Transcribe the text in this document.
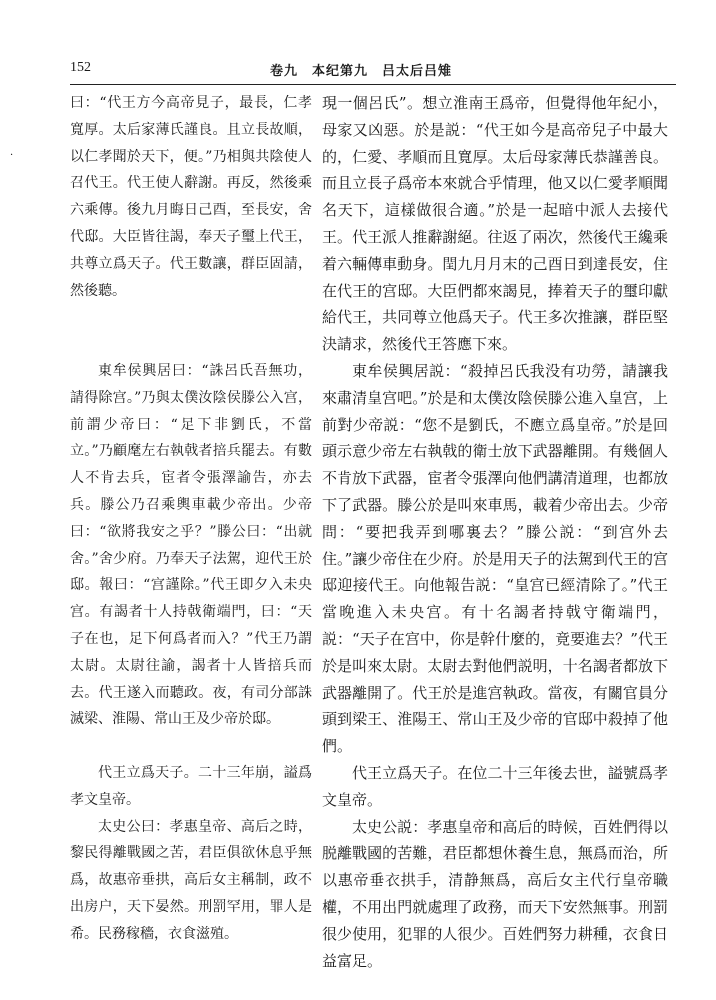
152	卷九　本纪第九　吕太后吕雉
·

曰：“代王方今高帝見子，最長，仁孝寬厚。太后家薄氏謹良。且立長故順，以仁孝聞於天下，便。”乃相與共陰使人召代王。代王使人辭謝。再反，然後乘六乘傳。後九月晦日己酉，至長安，舍代邸。大臣皆往謁，奉天子璽上代王，共尊立爲天子。代王數讓，群臣固請，然後聽。

東牟侯興居曰：“誅呂氏吾無功，請得除宫。”乃與太僕汝陰侯滕公入宫，前謂少帝曰：“足下非劉氏，不當立。”乃顧麾左右執戟者掊兵罷去。有數人不肯去兵，宦者令張澤諭告，亦去兵。滕公乃召乘輿車載少帝出。少帝曰：“欲將我安之乎？”滕公曰：“出就舍。”舍少府。乃奉天子法駕，迎代王於邸。報曰：“宫謹除。”代王即夕入未央宫。有謁者十人持戟衛端門，曰：“天子在也，足下何爲者而入？”代王乃謂太尉。太尉往諭，謁者十人皆掊兵而去。代王遂入而聽政。夜，有司分部誅滅梁、淮陽、常山王及少帝於邸。

代王立爲天子。二十三年崩，謚爲孝文皇帝。

太史公曰：孝惠皇帝、高后之時，黎民得離戰國之苦，君臣俱欲休息乎無爲，故惠帝垂拱，高后女主稱制，政不出房户，天下晏然。刑罰罕用，罪人是希。民務稼穡，衣食滋殖。

現一個呂氏”。想立淮南王爲帝，但覺得他年紀小，母家又凶惡。於是説：“代王如今是高帝兒子中最大的，仁愛、孝順而且寬厚。太后母家薄氏恭謹善良。而且立長子爲帝本來就合乎情理，他又以仁愛孝順聞名天下，這樣做很合適。”於是一起暗中派人去接代王。代王派人推辭謝絕。往返了兩次，然後代王纔乘着六輛傳車動身。閏九月月末的己酉日到達長安，住在代王的宫邸。大臣們都來謁見，捧着天子的璽印獻給代王，共同尊立他爲天子。代王多次推讓，群臣堅決請求，然後代王答應下來。

東牟侯興居説：“殺掉呂氏我没有功勞，請讓我來肅清皇宫吧。”於是和太僕汝陰侯滕公進入皇宫，上前對少帝説：“您不是劉氏，不應立爲皇帝。”於是回頭示意少帝左右執戟的衛士放下武器離開。有幾個人不肯放下武器，宦者令張澤向他們講清道理，也都放下了武器。滕公於是叫來車馬，載着少帝出去。少帝問：“要把我弄到哪裏去？”滕公説：“到宫外去住。”讓少帝住在少府。於是用天子的法駕到代王的宫邸迎接代王。向他報告説：“皇宫已經清除了。”代王當晚進入未央宫。有十名謁者持戟守衛端門，説：“天子在宫中，你是幹什麼的，竟要進去？”代王於是叫來太尉。太尉去對他們説明，十名謁者都放下武器離開了。代王於是進宫執政。當夜，有關官員分頭到梁王、淮陽王、常山王及少帝的官邸中殺掉了他們。

代王立爲天子。在位二十三年後去世，謚號爲孝文皇帝。

太史公説：孝惠皇帝和高后的時候，百姓們得以脱離戰國的苦難，君臣都想休養生息，無爲而治，所以惠帝垂衣拱手，清静無爲，高后女主代行皇帝職權，不用出門就處理了政務，而天下安然無事。刑罰很少使用，犯罪的人很少。百姓們努力耕種，衣食日益富足。
